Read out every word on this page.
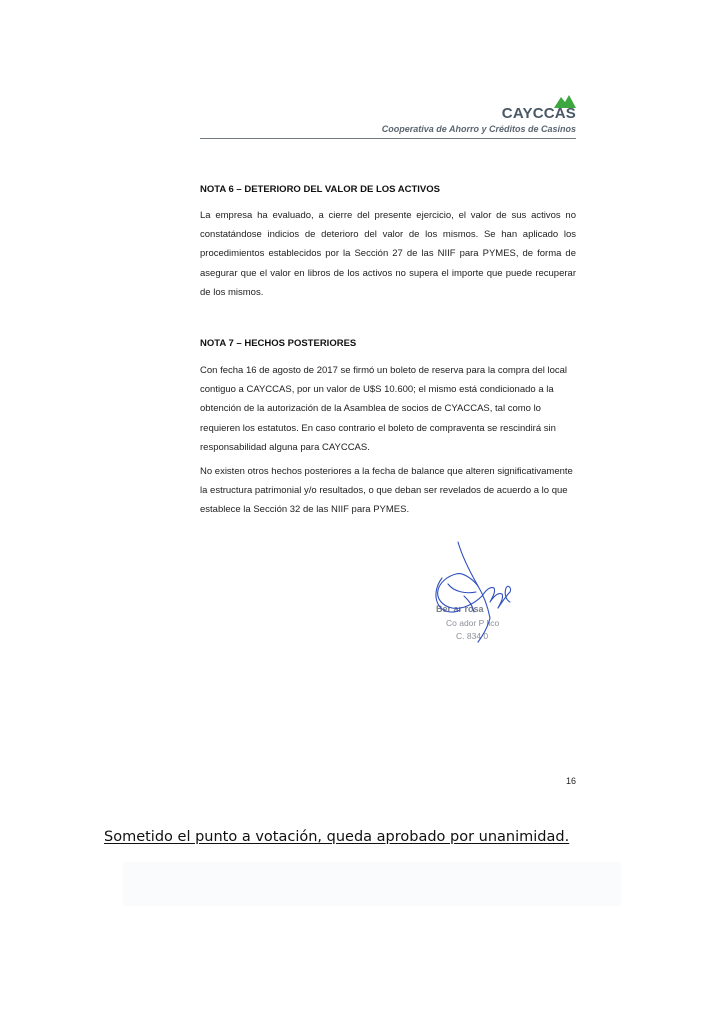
CAYCCAS
Cooperativa de Ahorro y Créditos de Casinos
NOTA 6 – DETERIORO DEL VALOR DE LOS ACTIVOS

La empresa ha evaluado, a cierre del presente ejercicio, el valor de sus activos no constatándose indicios de deterioro del valor de los mismos. Se han aplicado los procedimientos establecidos por la Sección 27 de las NIIF para PYMES, de forma de asegurar que el valor en libros de los activos no supera el importe que puede recuperar de los mismos.

NOTA 7 – HECHOS POSTERIORES
Con fecha 16 de agosto de 2017 se firmó un boleto de reserva para la compra del local
contiguo a CAYCCAS, por un valor de U$S 10.600; el mismo está condicionado a la
obtención de la autorización de la Asamblea de socios de CYACCAS, tal como lo
requieren los estatutos. En caso contrario el boleto de compraventa se rescindirá sin
responsabilidad alguna para CAYCCAS.
No existen otros hechos posteriores a la fecha de balance que alteren significativamente
la estructura patrimonial y/o resultados, o que deban ser revelados de acuerdo a lo que
establece la Sección 32 de las NIIF para PYMES.
Ber ar rosa
Co ador P lico
C. 834 0
16
Sometido el punto a votación, queda aprobado por unanimidad.
